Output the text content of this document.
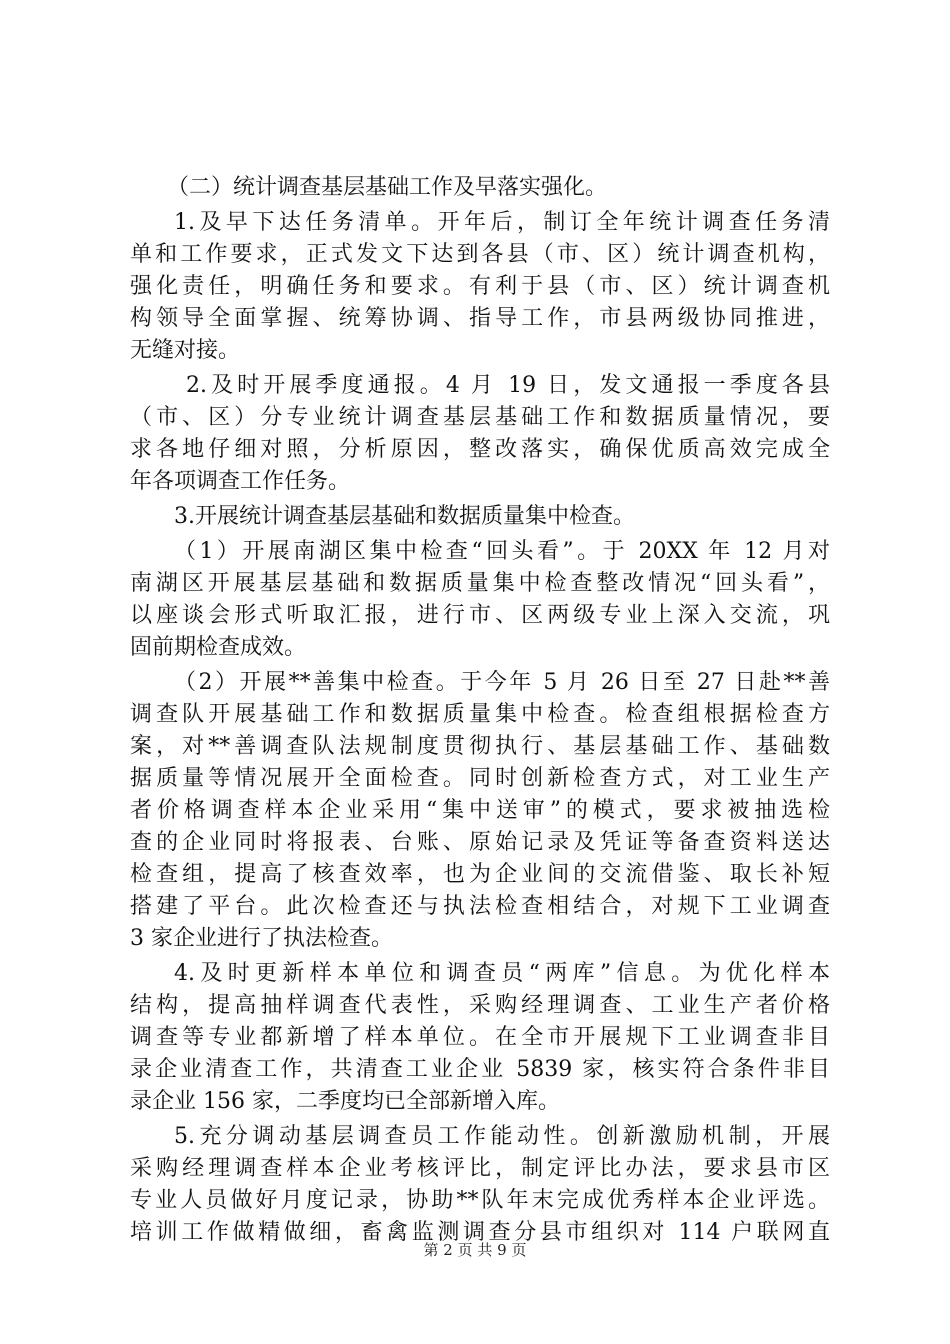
（二）统计调查基层基础工作及早落实强化。
1.及早下达任务清单。开年后，制订全年统计调查任务清
单和工作要求，正式发文下达到各县（市、区）统计调查机构，
强化责任，明确任务和要求。有利于县（市、区）统计调查机
构领导全面掌握、统筹协调、指导工作，市县两级协同推进，
无缝对接。
2.及时开展季度通报。4 月 19 日，发文通报一季度各县
（市、区）分专业统计调查基层基础工作和数据质量情况，要
求各地仔细对照，分析原因，整改落实，确保优质高效完成全
年各项调查工作任务。
3.开展统计调查基层基础和数据质量集中检查。
（1）开展南湖区集中检查“回头看”。于 20XX 年 12 月对
南湖区开展基层基础和数据质量集中检查整改情况“回头看”，
以座谈会形式听取汇报，进行市、区两级专业上深入交流，巩
固前期检查成效。
（2）开展**善集中检查。于今年 5 月 26 日至 27 日赴**善
调查队开展基础工作和数据质量集中检查。检查组根据检查方
案，对**善调查队法规制度贯彻执行、基层基础工作、基础数
据质量等情况展开全面检查。同时创新检查方式，对工业生产
者价格调查样本企业采用“集中送审”的模式，要求被抽选检
查的企业同时将报表、台账、原始记录及凭证等备查资料送达
检查组，提高了核查效率，也为企业间的交流借鉴、取长补短
搭建了平台。此次检查还与执法检查相结合，对规下工业调查
3 家企业进行了执法检查。
4.及时更新样本单位和调查员“两库”信息。为优化样本
结构，提高抽样调查代表性，采购经理调查、工业生产者价格
调查等专业都新增了样本单位。在全市开展规下工业调查非目
录企业清查工作，共清查工业企业 5839 家，核实符合条件非目
录企业 156 家，二季度均已全部新增入库。
5.充分调动基层调查员工作能动性。创新激励机制，开展
采购经理调查样本企业考核评比，制定评比办法，要求县市区
专业人员做好月度记录，协助**队年末完成优秀样本企业评选。
培训工作做精做细，畜禽监测调查分县市组织对 114 户联网直
第 2 页 共 9 页
